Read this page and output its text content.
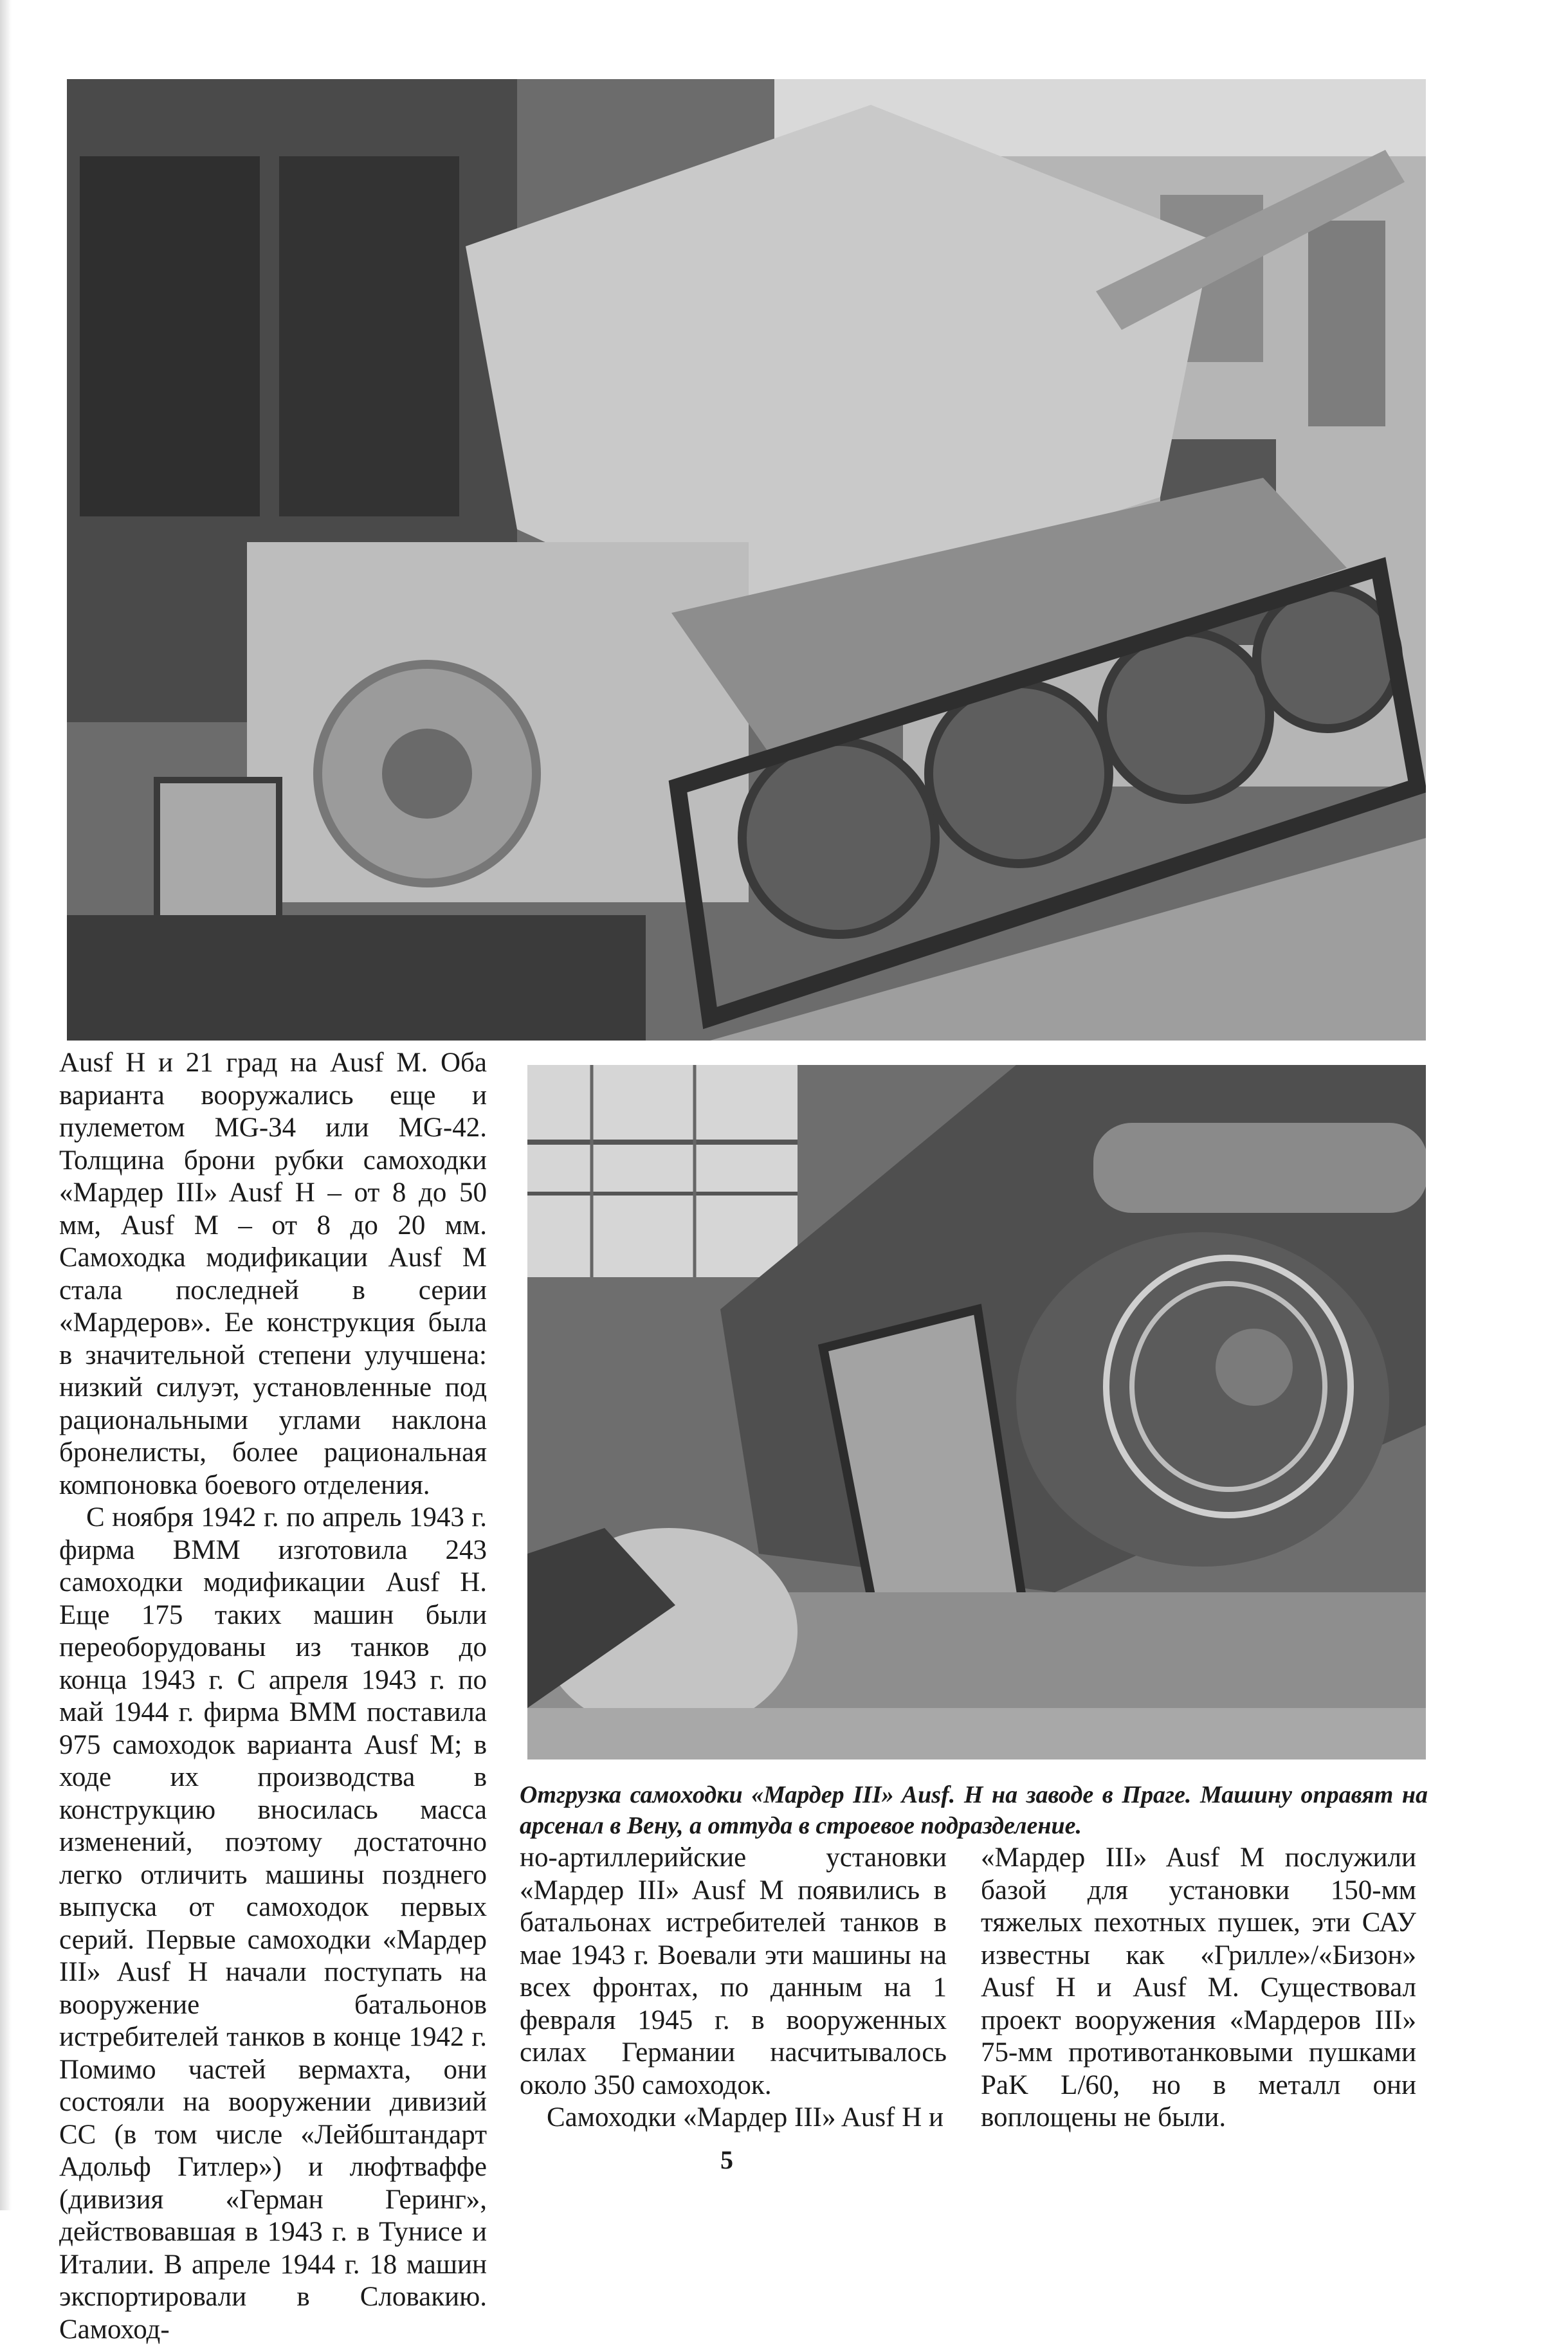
Отгрузка самоходки «Мардер III» Ausf. H на заводе в Праге. Машину оправят на арсенал в Вену, а оттуда в строевое подразделение.

Ausf H и 21 град на Ausf M. Оба варианта вооружались еще и пулеметом MG-34 или MG-42. Толщина брони рубки самоходки «Мардер III» Ausf H – от 8 до 50 мм, Ausf M – от 8 до 20 мм. Самоходка модификации Ausf M стала последней в серии «Мардеров». Ее конструкция была в значительной степени улучшена: низкий силуэт, установленные под рациональными углами наклона бронелисты, более рациональная компоновка боевого отделения.

С ноября 1942 г. по апрель 1943 г. фирма ВММ изготовила 243 самоходки модификации Ausf H. Еще 175 таких машин были переоборудованы из танков до конца 1943 г. С апреля 1943 г. по май 1944 г. фирма ВММ поставила 975 самоходок варианта Ausf M; в ходе их производства в конструкцию вносилась масса изменений, поэтому достаточно легко отличить машины позднего выпуска от самоходок первых серий. Первые самоходки «Мардер III» Ausf H начали поступать на вооружение батальонов истребителей танков в конце 1942 г. Помимо частей вермахта, они состояли на вооружении дивизий СС (в том числе «Лейбштандарт Адольф Гитлер») и люфтваффе (дивизия «Герман Геринг», действовавшая в 1943 г. в Тунисе и Италии. В апреле 1944 г. 18 машин экспортировали в Словакию. Самоход-

но-артиллерийские установки «Мардер III» Ausf M появились в батальонах истребителей танков в мае 1943 г. Воевали эти машины на всех фронтах, по данным на 1 февраля 1945 г. в вооруженных силах Германии насчитывалось около 350 самоходок.

Самоходки «Мардер III» Ausf H и

«Мардер III» Ausf M послужили базой для установки 150-мм тяжелых пехотных пушек, эти САУ известны как «Грилле»/«Бизон» Ausf H и Ausf M. Существовал проект вооружения «Мардеров III» 75-мм противотанковыми пушками PaK L/60, но в металл они воплощены не были.

5
